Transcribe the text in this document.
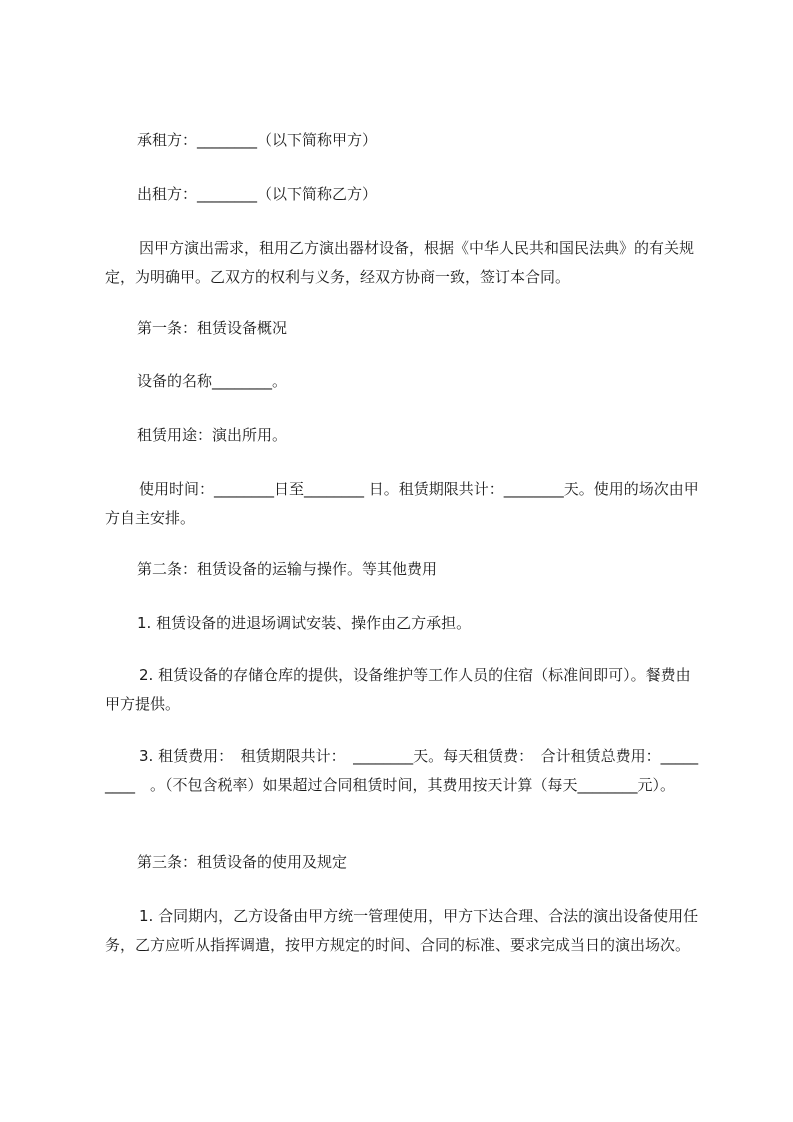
承租方：________（以下简称甲方）

出租方：________（以下简称乙方）

因甲方演出需求，租用乙方演出器材设备，根据《中华人民共和国民法典》的有关规定，为明确甲。乙双方的权利与义务，经双方协商一致，签订本合同。

第一条：租赁设备概况

设备的名称________。

租赁用途：演出所用。

使用时间：________日至________ 日。租赁期限共计：________天。使用的场次由甲方自主安排。

第二条：租赁设备的运输与操作。等其他费用

1. 租赁设备的进退场调试安装、操作由乙方承担。

2. 租赁设备的存储仓库的提供，设备维护等工作人员的住宿（标准间即可）。餐费由甲方提供。

3. 租赁费用：　租赁期限共计：　________天。每天租赁费：　合计租赁总费用：_________　。（不包含税率）如果超过合同租赁时间，其费用按天计算（每天________元）。

第三条：租赁设备的使用及规定

1. 合同期内，乙方设备由甲方统一管理使用，甲方下达合理、合法的演出设备使用任务，乙方应听从指挥调遣，按甲方规定的时间、合同的标准、要求完成当日的演出场次。
